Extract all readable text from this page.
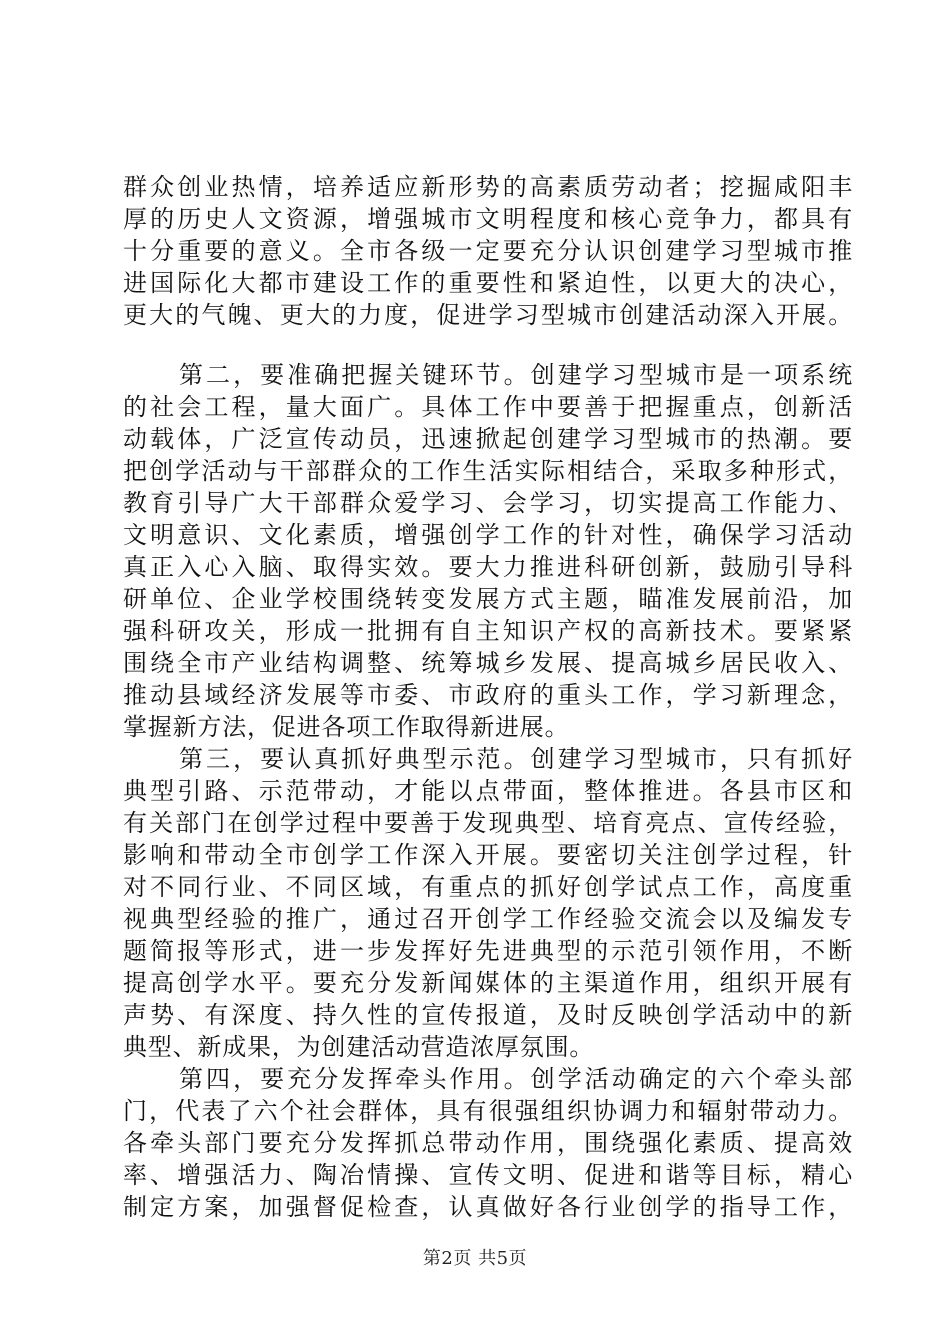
群众创业热情，培养适应新形势的高素质劳动者；挖掘咸阳丰
厚的历史人文资源，增强城市文明程度和核心竞争力，都具有
十分重要的意义。全市各级一定要充分认识创建学习型城市推
进国际化大都市建设工作的重要性和紧迫性，以更大的决心，
更大的气魄、更大的力度，促进学习型城市创建活动深入开展。
第二，要准确把握关键环节。创建学习型城市是一项系统
的社会工程，量大面广。具体工作中要善于把握重点，创新活
动载体，广泛宣传动员，迅速掀起创建学习型城市的热潮。要
把创学活动与干部群众的工作生活实际相结合，采取多种形式，
教育引导广大干部群众爱学习、会学习，切实提高工作能力、
文明意识、文化素质，增强创学工作的针对性，确保学习活动
真正入心入脑、取得实效。要大力推进科研创新，鼓励引导科
研单位、企业学校围绕转变发展方式主题，瞄准发展前沿，加
强科研攻关，形成一批拥有自主知识产权的高新技术。要紧紧
围绕全市产业结构调整、统筹城乡发展、提高城乡居民收入、
推动县域经济发展等市委、市政府的重头工作，学习新理念，
掌握新方法，促进各项工作取得新进展。
第三，要认真抓好典型示范。创建学习型城市，只有抓好
典型引路、示范带动，才能以点带面，整体推进。各县市区和
有关部门在创学过程中要善于发现典型、培育亮点、宣传经验，
影响和带动全市创学工作深入开展。要密切关注创学过程，针
对不同行业、不同区域，有重点的抓好创学试点工作，高度重
视典型经验的推广，通过召开创学工作经验交流会以及编发专
题简报等形式，进一步发挥好先进典型的示范引领作用，不断
提高创学水平。要充分发新闻媒体的主渠道作用，组织开展有
声势、有深度、持久性的宣传报道，及时反映创学活动中的新
典型、新成果，为创建活动营造浓厚氛围。
第四，要充分发挥牵头作用。创学活动确定的六个牵头部
门，代表了六个社会群体，具有很强组织协调力和辐射带动力。
各牵头部门要充分发挥抓总带动作用，围绕强化素质、提高效
率、增强活力、陶冶情操、宣传文明、促进和谐等目标，精心
制定方案，加强督促检查，认真做好各行业创学的指导工作，
第2页 共5页
